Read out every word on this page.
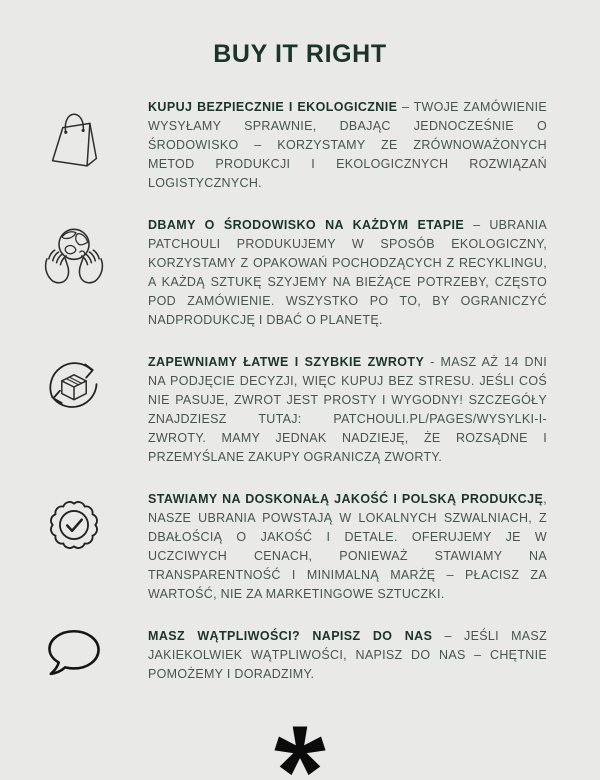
BUY IT RIGHT

KUPUJ BEZPIECZNIE I EKOLOGICZNIE – TWOJE ZAMÓWIENIE WYSYŁAMY SPRAWNIE, DBAJĄC JEDNOCZEŚNIE O ŚRODOWISKO – KORZYSTAMY ZE ZRÓWNOWAŻONYCH METOD PRODUKCJI I EKOLOGICZNYCH ROZWIĄZAŃ LOGISTYCZNYCH.

DBAMY O ŚRODOWISKO NA KAŻDYM ETAPIE – UBRANIA PATCHOULI PRODUKUJEMY W SPOSÓB EKOLOGICZNY, KORZYSTAMY Z OPAKOWAŃ POCHODZĄCYCH Z RECYKLINGU, A KAŻDĄ SZTUKĘ SZYJEMY NA BIEŻĄCE POTRZEBY, CZĘSTO POD ZAMÓWIENIE. WSZYSTKO PO TO, BY OGRANICZYĆ NADPRODUKCJĘ I DBAĆ O PLANETĘ.

ZAPEWNIAMY ŁATWE I SZYBKIE ZWROTY - MASZ AŻ 14 DNI NA PODJĘCIE DECYZJI, WIĘC KUPUJ BEZ STRESU. JEŚLI COŚ NIE PASUJE, ZWROT JEST PROSTY I WYGODNY! SZCZEGÓŁY ZNAJDZIESZ TUTAJ: PATCHOULI.PL/PAGES/WYSYLKI-I-ZWROTY. MAMY JEDNAK NADZIEJĘ, ŻE ROZSĄDNE I PRZEMYŚLANE ZAKUPY OGRANICZĄ ZWORTY.

STAWIAMY NA DOSKONAŁĄ JAKOŚĆ I POLSKĄ PRODUKCJĘ, NASZE UBRANIA POWSTAJĄ W LOKALNYCH SZWALNIACH, Z DBAŁOŚCIĄ O JAKOŚĆ I DETALE. OFERUJEMY JE W UCZCIWYCH CENACH, PONIEWAŻ STAWIAMY NA TRANSPARENTNOŚĆ I MINIMALNĄ MARŻĘ – PŁACISZ ZA WARTOŚĆ, NIE ZA MARKETINGOWE SZTUCZKI.

MASZ WĄTPLIWOŚCI? NAPISZ DO NAS – JEŚLI MASZ JAKIEKOLWIEK WĄTPLIWOŚCI, NAPISZ DO NAS – CHĘTNIE POMOŻEMY I DORADZIMY.
